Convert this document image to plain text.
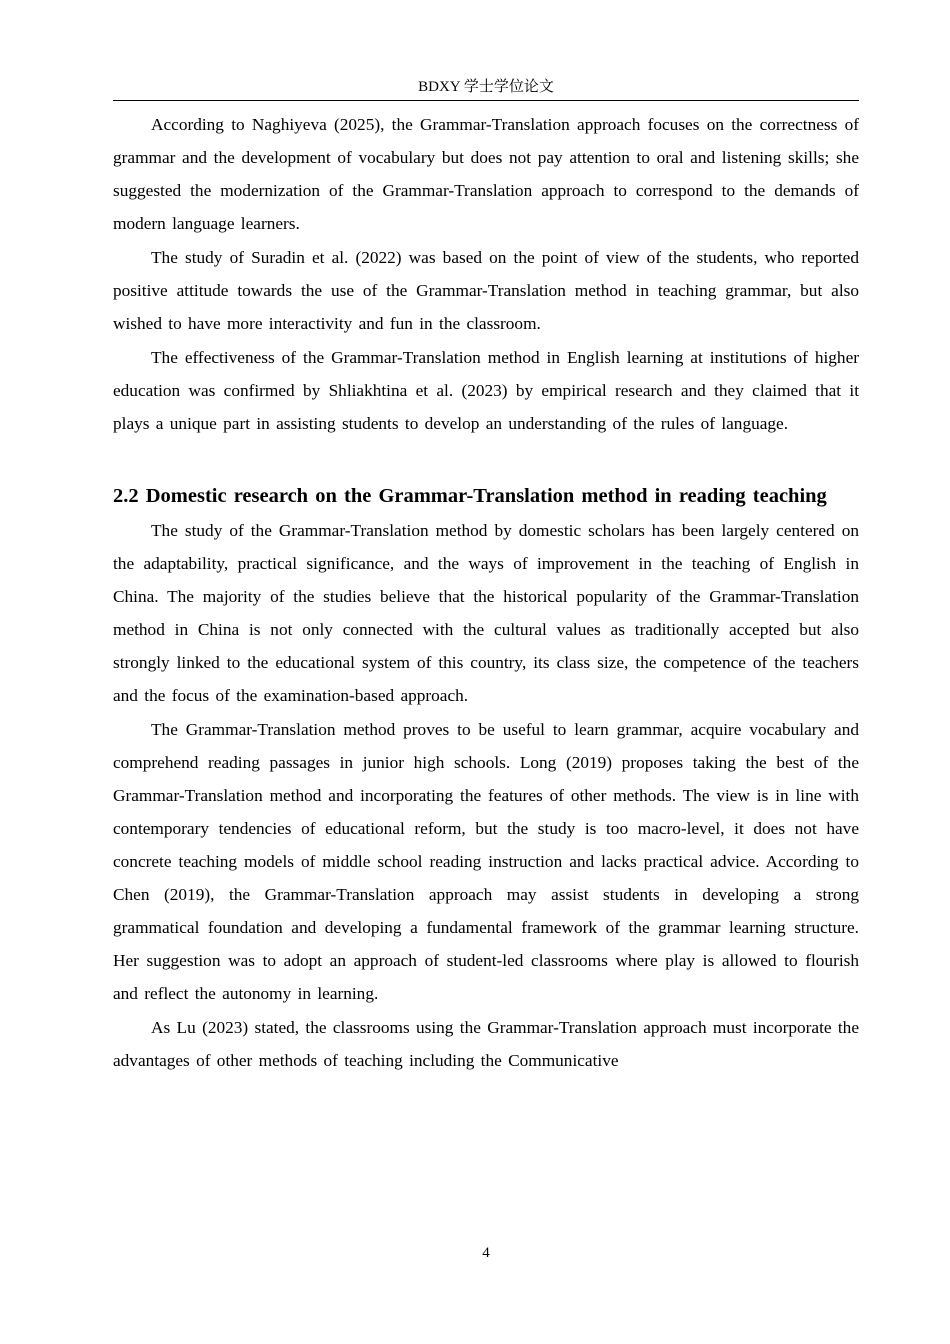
BDXY 学士学位论文

According to Naghiyeva (2025), the Grammar-Translation approach focuses on the correctness of grammar and the development of vocabulary but does not pay attention to oral and listening skills; she suggested the modernization of the Grammar-Translation approach to correspond to the demands of modern language learners.

The study of Suradin et al. (2022) was based on the point of view of the students, who reported positive attitude towards the use of the Grammar-Translation method in teaching grammar, but also wished to have more interactivity and fun in the classroom.

The effectiveness of the Grammar-Translation method in English learning at institutions of higher education was confirmed by Shliakhtina et al. (2023) by empirical research and they claimed that it plays a unique part in assisting students to develop an understanding of the rules of language.

2.2 Domestic research on the Grammar-Translation method in reading teaching

The study of the Grammar-Translation method by domestic scholars has been largely centered on the adaptability, practical significance, and the ways of improvement in the teaching of English in China. The majority of the studies believe that the historical popularity of the Grammar-Translation method in China is not only connected with the cultural values as traditionally accepted but also strongly linked to the educational system of this country, its class size, the competence of the teachers and the focus of the examination-based approach.

The Grammar-Translation method proves to be useful to learn grammar, acquire vocabulary and comprehend reading passages in junior high schools. Long (2019) proposes taking the best of the Grammar-Translation method and incorporating the features of other methods. The view is in line with contemporary tendencies of educational reform, but the study is too macro-level, it does not have concrete teaching models of middle school reading instruction and lacks practical advice. According to Chen (2019), the Grammar-Translation approach may assist students in developing a strong grammatical foundation and developing a fundamental framework of the grammar learning structure. Her suggestion was to adopt an approach of student-led classrooms where play is allowed to flourish and reflect the autonomy in learning.

As Lu (2023) stated, the classrooms using the Grammar-Translation approach must incorporate the advantages of other methods of teaching including the Communicative

4
